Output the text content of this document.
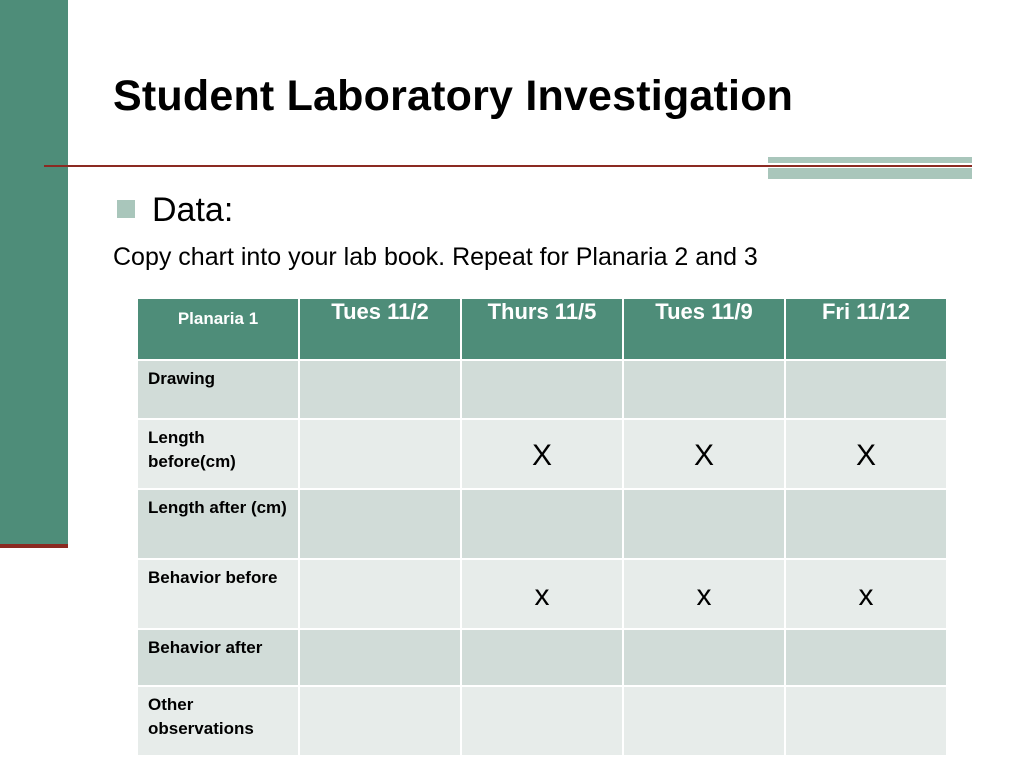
Student Laboratory Investigation
Data:
Copy chart into your lab book. Repeat for Planaria 2 and 3
Planaria 1	Tues 11/2	Thurs 11/5	Tues 11/9	Fri 11/12
Drawing				
Length before(cm)		X	X	X
Length after (cm)				
Behavior before		x	x	x
Behavior after				
Other observations				
